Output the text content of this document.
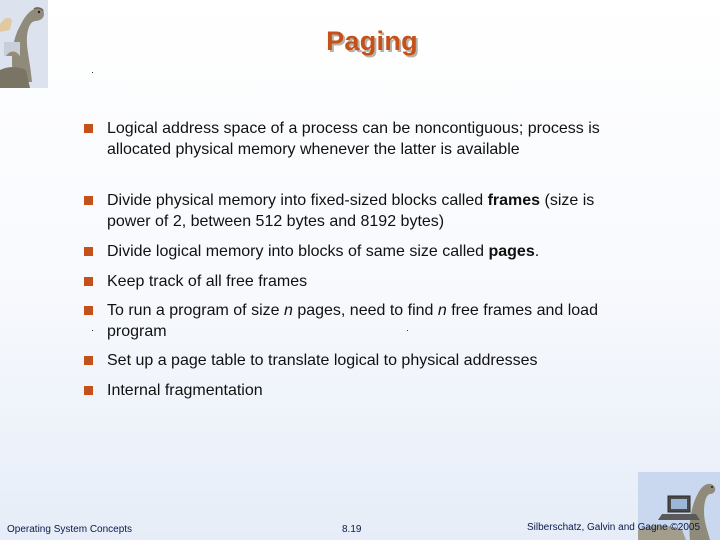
Paging
Logical address space of a process can be noncontiguous; process is allocated physical memory whenever the latter is available
Divide physical memory into fixed-sized blocks called frames (size is power of 2, between 512 bytes and 8192 bytes)
Divide logical memory into blocks of same size called pages.
Keep track of all free frames
To run a program of size n pages, need to find n free frames and load program
Set up a page table to translate logical to physical addresses
Internal fragmentation
Operating System Concepts	8.19	Silberschatz, Galvin and Gagne ©2005
